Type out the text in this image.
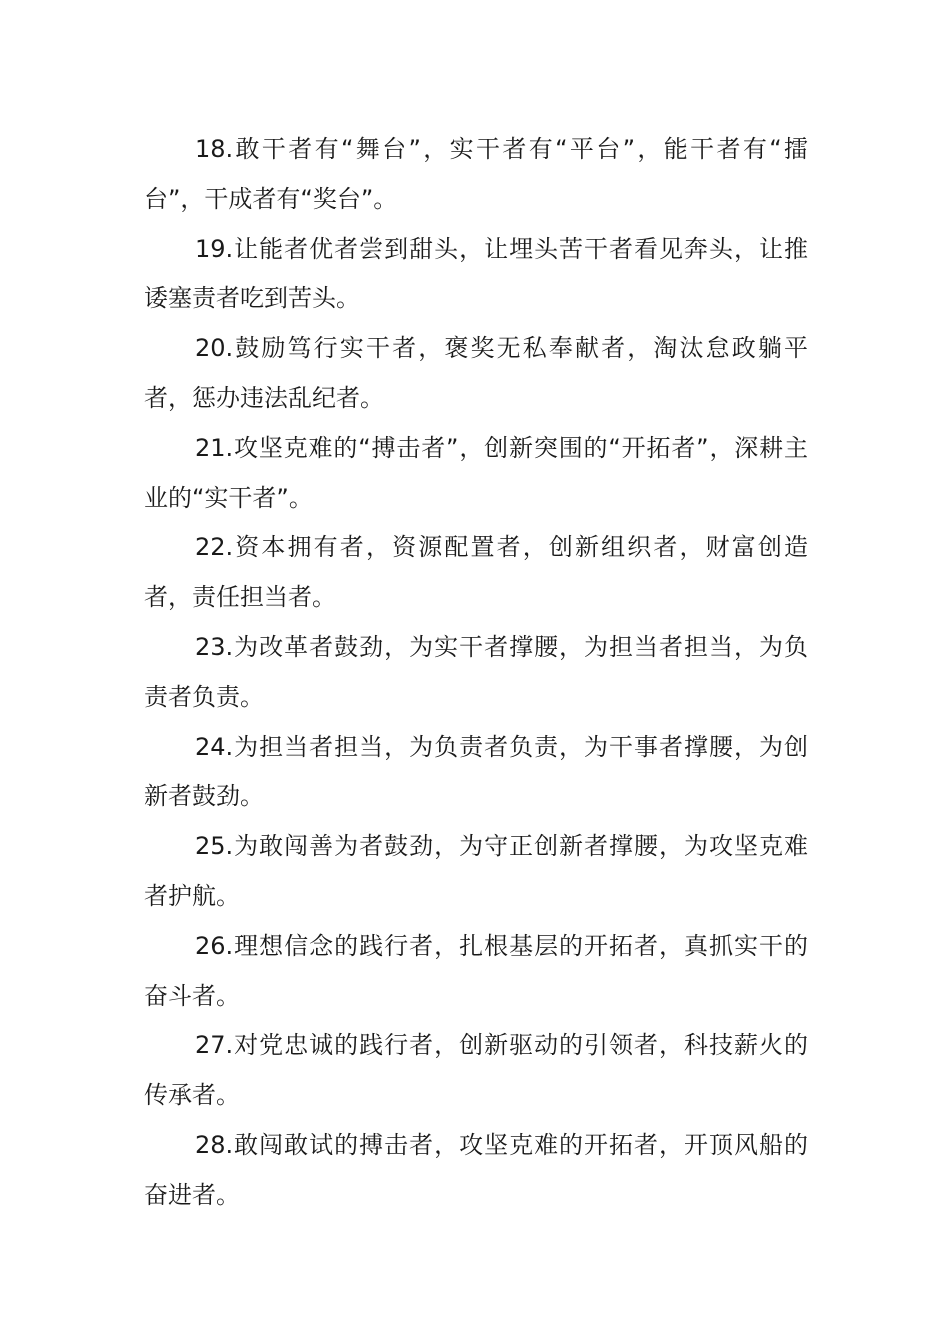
18.敢干者有“舞台”，实干者有“平台”，能干者有“擂台”，干成者有“奖台”。

19.让能者优者尝到甜头，让埋头苦干者看见奔头，让推诿塞责者吃到苦头。

20.鼓励笃行实干者，褒奖无私奉献者，淘汰怠政躺平者，惩办违法乱纪者。

21.攻坚克难的“搏击者”，创新突围的“开拓者”，深耕主业的“实干者”。

22.资本拥有者，资源配置者，创新组织者，财富创造者，责任担当者。

23.为改革者鼓劲，为实干者撑腰，为担当者担当，为负责者负责。

24.为担当者担当，为负责者负责，为干事者撑腰，为创新者鼓劲。

25.为敢闯善为者鼓劲，为守正创新者撑腰，为攻坚克难者护航。

26.理想信念的践行者，扎根基层的开拓者，真抓实干的奋斗者。

27.对党忠诚的践行者，创新驱动的引领者，科技薪火的传承者。

28.敢闯敢试的搏击者，攻坚克难的开拓者，开顶风船的奋进者。
